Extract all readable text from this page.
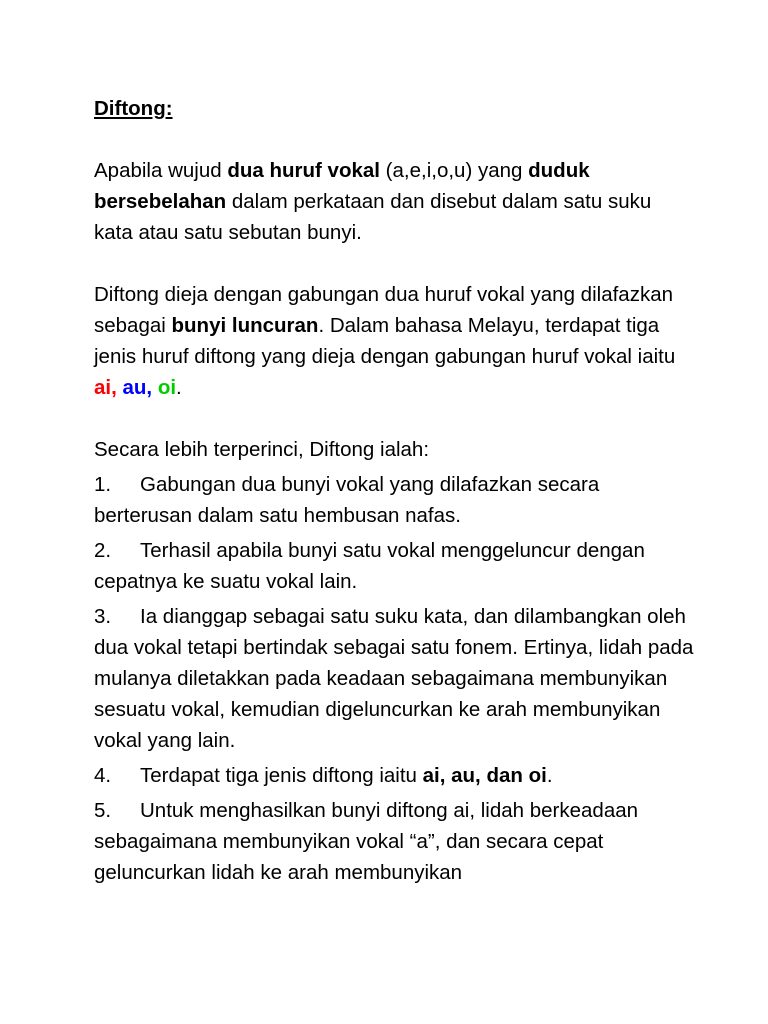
Diftong:

Apabila wujud dua huruf vokal (a,e,i,o,u) yang duduk bersebelahan dalam perkataan dan disebut dalam satu suku kata atau satu sebutan bunyi.

Diftong dieja dengan gabungan dua huruf vokal yang dilafazkan sebagai bunyi luncuran. Dalam bahasa Melayu, terdapat tiga jenis huruf diftong yang dieja dengan gabungan huruf vokal iaitu ai, au, oi.

Secara lebih terperinci, Diftong ialah:

1. Gabungan dua bunyi vokal yang dilafazkan secara berterusan dalam satu hembusan nafas.
2. Terhasil apabila bunyi satu vokal menggeluncur dengan cepatnya ke suatu vokal lain.
3. Ia dianggap sebagai satu suku kata, dan dilambangkan oleh dua vokal tetapi bertindak sebagai satu fonem. Ertinya, lidah pada mulanya diletakkan pada keadaan sebagaimana membunyikan sesuatu vokal, kemudian digeluncurkan ke arah membunyikan vokal yang lain.
4. Terdapat tiga jenis diftong iaitu ai, au, dan oi.
5. Untuk menghasilkan bunyi diftong ai, lidah berkeadaan sebagaimana membunyikan vokal “a”, dan secara cepat geluncurkan lidah ke arah membunyikan
